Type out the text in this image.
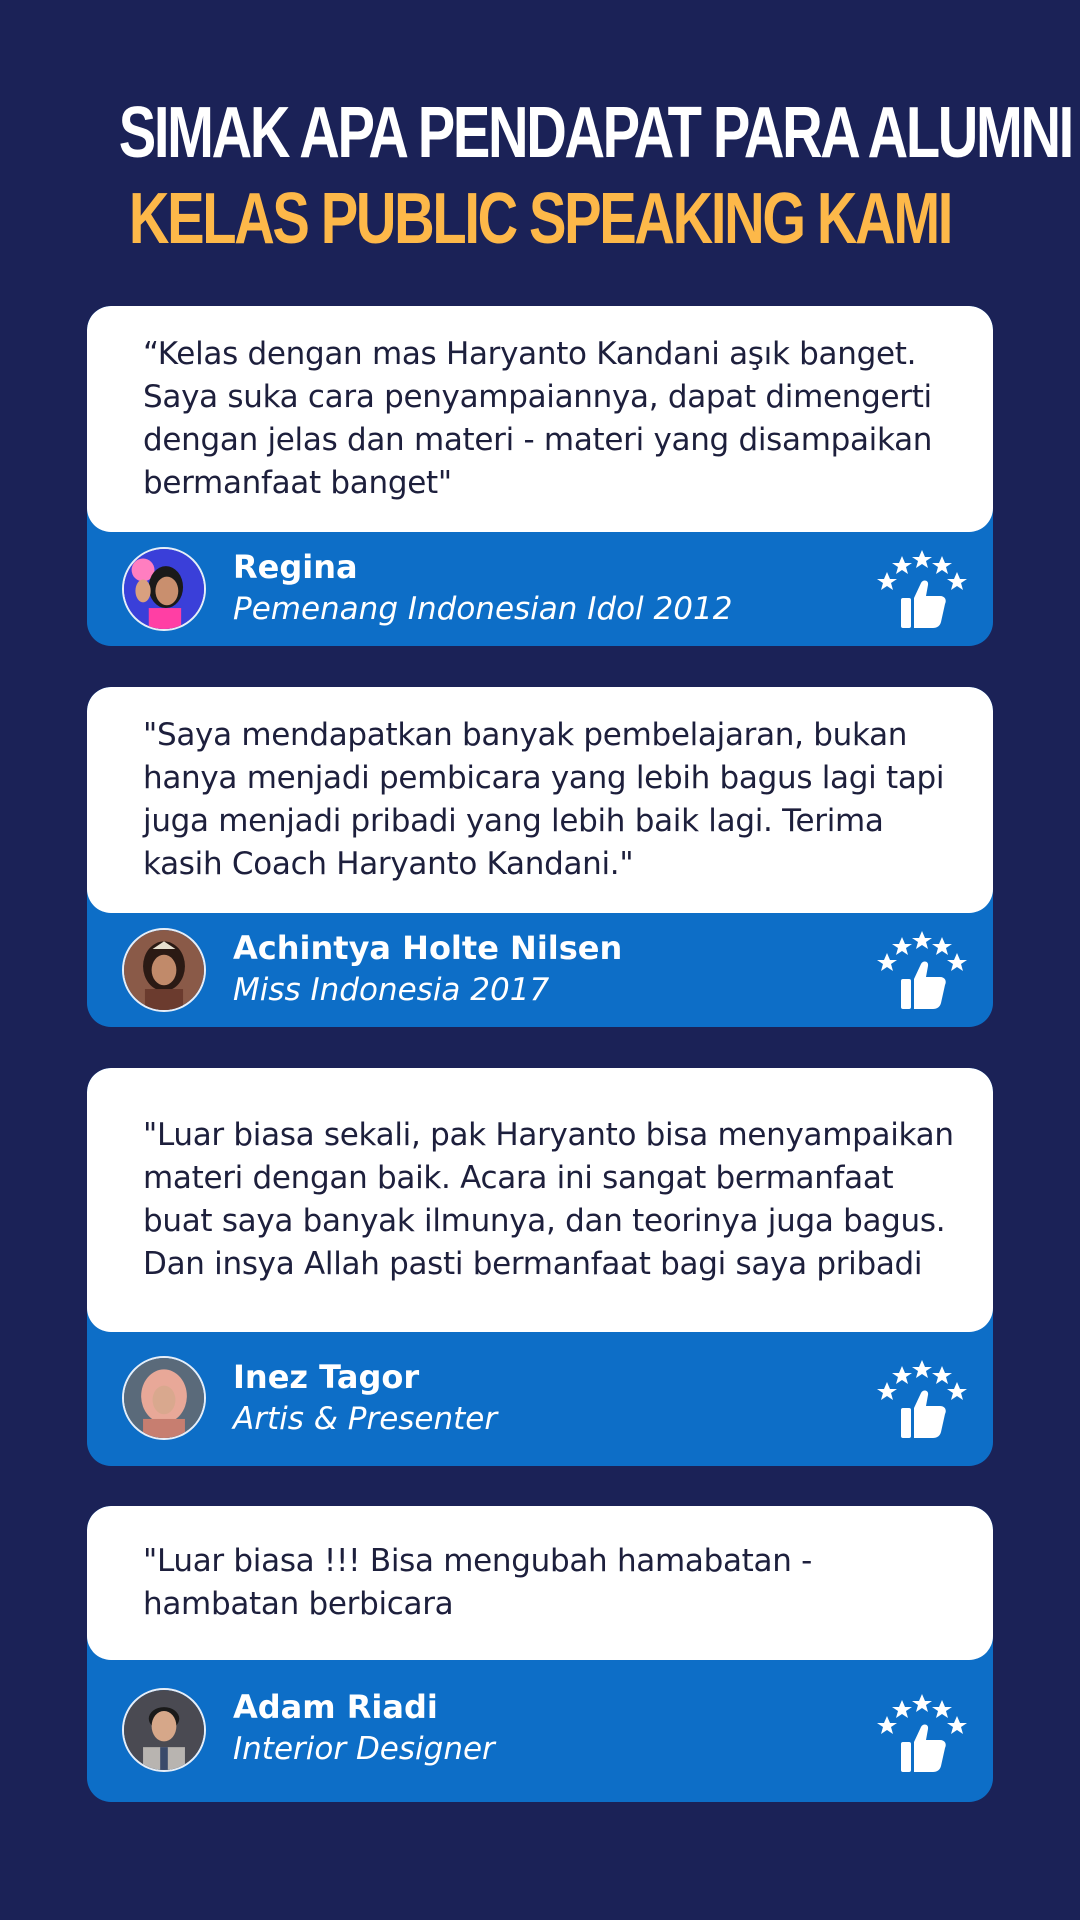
SIMAK APA PENDAPAT PARA ALUMNI
KELAS PUBLIC SPEAKING KAMI
“Kelas dengan mas Haryanto Kandani aşık banget. Saya suka cara penyampaiannya, dapat dimengerti dengan jelas dan materi - materi yang disampaikan bermanfaat banget"
Regina
Pemenang Indonesian Idol 2012
"Saya mendapatkan banyak pembelajaran, bukan hanya menjadi pembicara yang lebih bagus lagi tapi juga menjadi pribadi yang lebih baik lagi. Terima kasih Coach Haryanto Kandani."
Achintya Holte Nilsen
Miss Indonesia 2017
"Luar biasa sekali, pak Haryanto bisa menyampaikan materi dengan baik. Acara ini sangat bermanfaat buat saya banyak ilmunya, dan teorinya juga bagus. Dan insya Allah pasti bermanfaat bagi saya pribadi
Inez Tagor
Artis & Presenter
"Luar biasa !!! Bisa mengubah hamabatan - hambatan berbicara
Adam Riadi
Interior Designer
